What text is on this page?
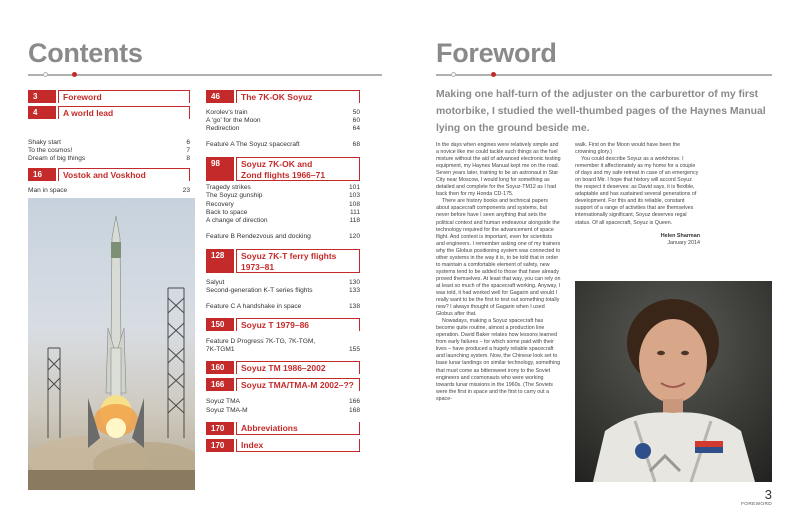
Contents
3	Foreword
4	A world lead
Shaky start	6
To the cosmos!	7
Dream of big things	8
16	Vostok and Voskhod
Man in space	23
46	The 7K-OK Soyuz
Korolev's train	50
A 'go' for the Moon	60
Redirection	64
Feature A The Soyuz spacecraft	68
98	Soyuz 7K-OK and
Zond flights 1966–71
Tragedy strikes	101
The Soyuz gunship	103
Recovery	108
Back to space	111
A change of direction	118
Feature B Rendezvous and docking	120
128	Soyuz 7K-T ferry flights
1973–81
Salyut	130
Second-generation K-T series flights	133
Feature C A handshake in space	138
150	Soyuz T 1979–86
Feature D Progress 7K-TG, 7K-TGM,
7K-TGM1	155
160	Soyuz TM 1986–2002
166	Soyuz TMA/TMA-M 2002–??
Soyuz TMA	166
Soyuz TMA-M	168
170	Abbreviations
170	Index
Foreword
Making one half-turn of the adjuster on the carburettor of my first motorbike, I studied the well-thumbed pages of the Haynes Manual lying on the ground beside me.

In the days when engines were relatively simple and a novice like me could tackle such things as the fuel mixture without the aid of advanced electronic testing equipment, my Haynes Manual kept me on the road. Seven years later, training to be an astronaut in Star City near Moscow, I would long for something as detailed and complete for the Soyuz-TM12 as I had back then for my Honda CD-175.

There are history books and technical papers about spacecraft components and systems, but never before have I seen anything that sets the political context and human endeavour alongside the technology required for the advancement of space flight. And context is important, even for scientists and engineers. I remember asking one of my trainers why the Globus positioning system was connected to other systems in the way it is, to be told that in order to maintain a comfortable element of safety, new systems tend to be added to those that have already proved themselves. At least that way, you can rely on at least so much of the spacecraft working. Anyway, I was told, it had worked well for Gagarin and would I really want to be the first to test out something totally new? I always thought of Gagarin when I used Globus after that.

Nowadays, making a Soyuz spacecraft has become quite routine, almost a production line operation. David Baker relates how lessons learned from early failures – for which some paid with their lives – have produced a hugely reliable spacecraft and launching system. Now, the Chinese look set to base lunar landings on similar technology, something that must come as bittersweet irony to the Soviet engineers and cosmonauts who were working towards lunar missions in the 1960s. (The Soviets were the first in space and the first to carry out a space-

walk. First on the Moon would have been the crowning glory.)

You could describe Soyuz as a workhorse. I remember it affectionately as my home for a couple of days and my safe retreat in case of an emergency on board Mir. I hope that history will accord Soyuz the respect it deserves: as David says, it is flexible, adaptable and has sustained several generations of development. For this and its reliable, constant support of a range of activities that are themselves internationally significant, Soyuz deserves regal status. Of all spacecraft, Soyuz is Queen.

Helen Sharman
January 2014
3
FOREWORD
